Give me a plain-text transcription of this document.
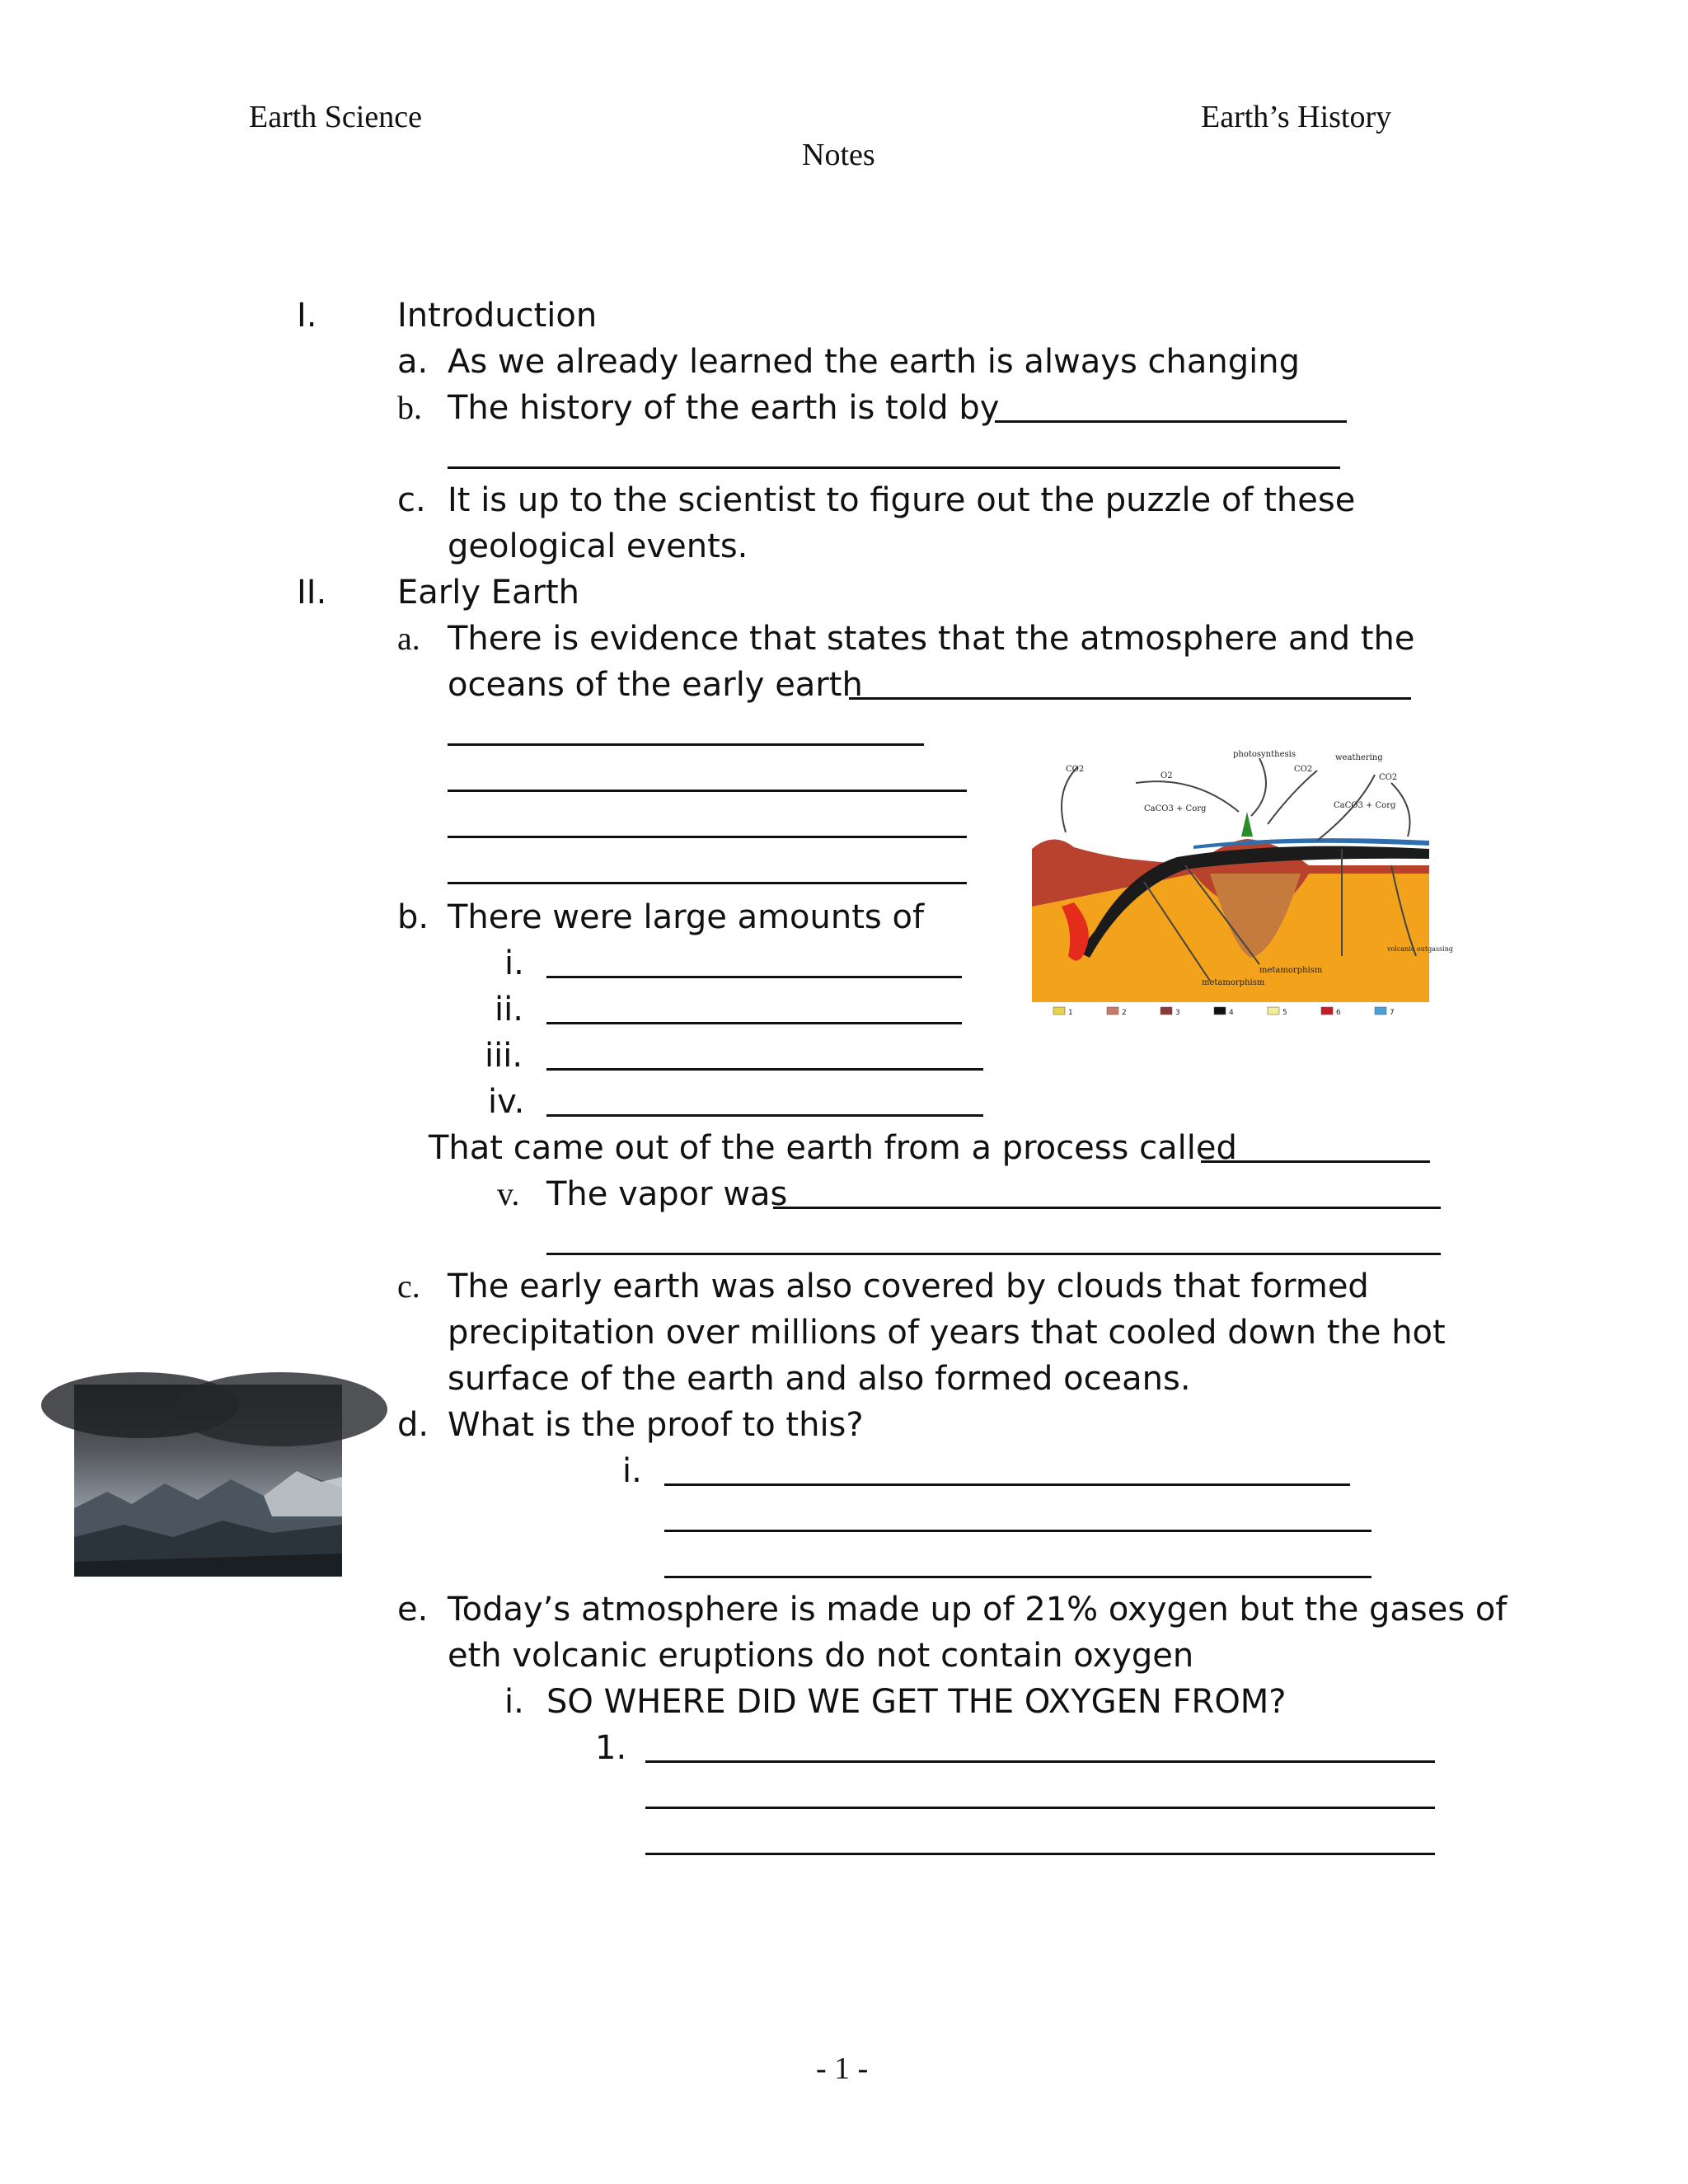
Earth Science	Earth’s History
Notes
I. Introduction
a. As we already learned the earth is always changing
b. The history of the earth is told by
c. It is up to the scientist to figure out the puzzle of these
geological events.
II. Early Earth
a. There is evidence that states that the atmosphere and the
oceans of the early earth
CO2
O2
photosynthesis
CO2
weathering
CO2
CaCO3 + Corg	CaCO3 + Corg
metamorphism
metamorphism
volcanic outgassing
1	2	3	4	5	6	7
b. There were large amounts of
i.
ii.
iii.
iv.
That came out of the earth from a process called
v. The vapor was
c. The early earth was also covered by clouds that formed
precipitation over millions of years that cooled down the hot
surface of the earth and also formed oceans.
d. What is the proof to this?
i.
e. Today’s atmosphere is made up of 21% oxygen but the gases of
eth volcanic eruptions do not contain oxygen
i. SO WHERE DID WE GET THE OXYGEN FROM?
1.
- 1 -
